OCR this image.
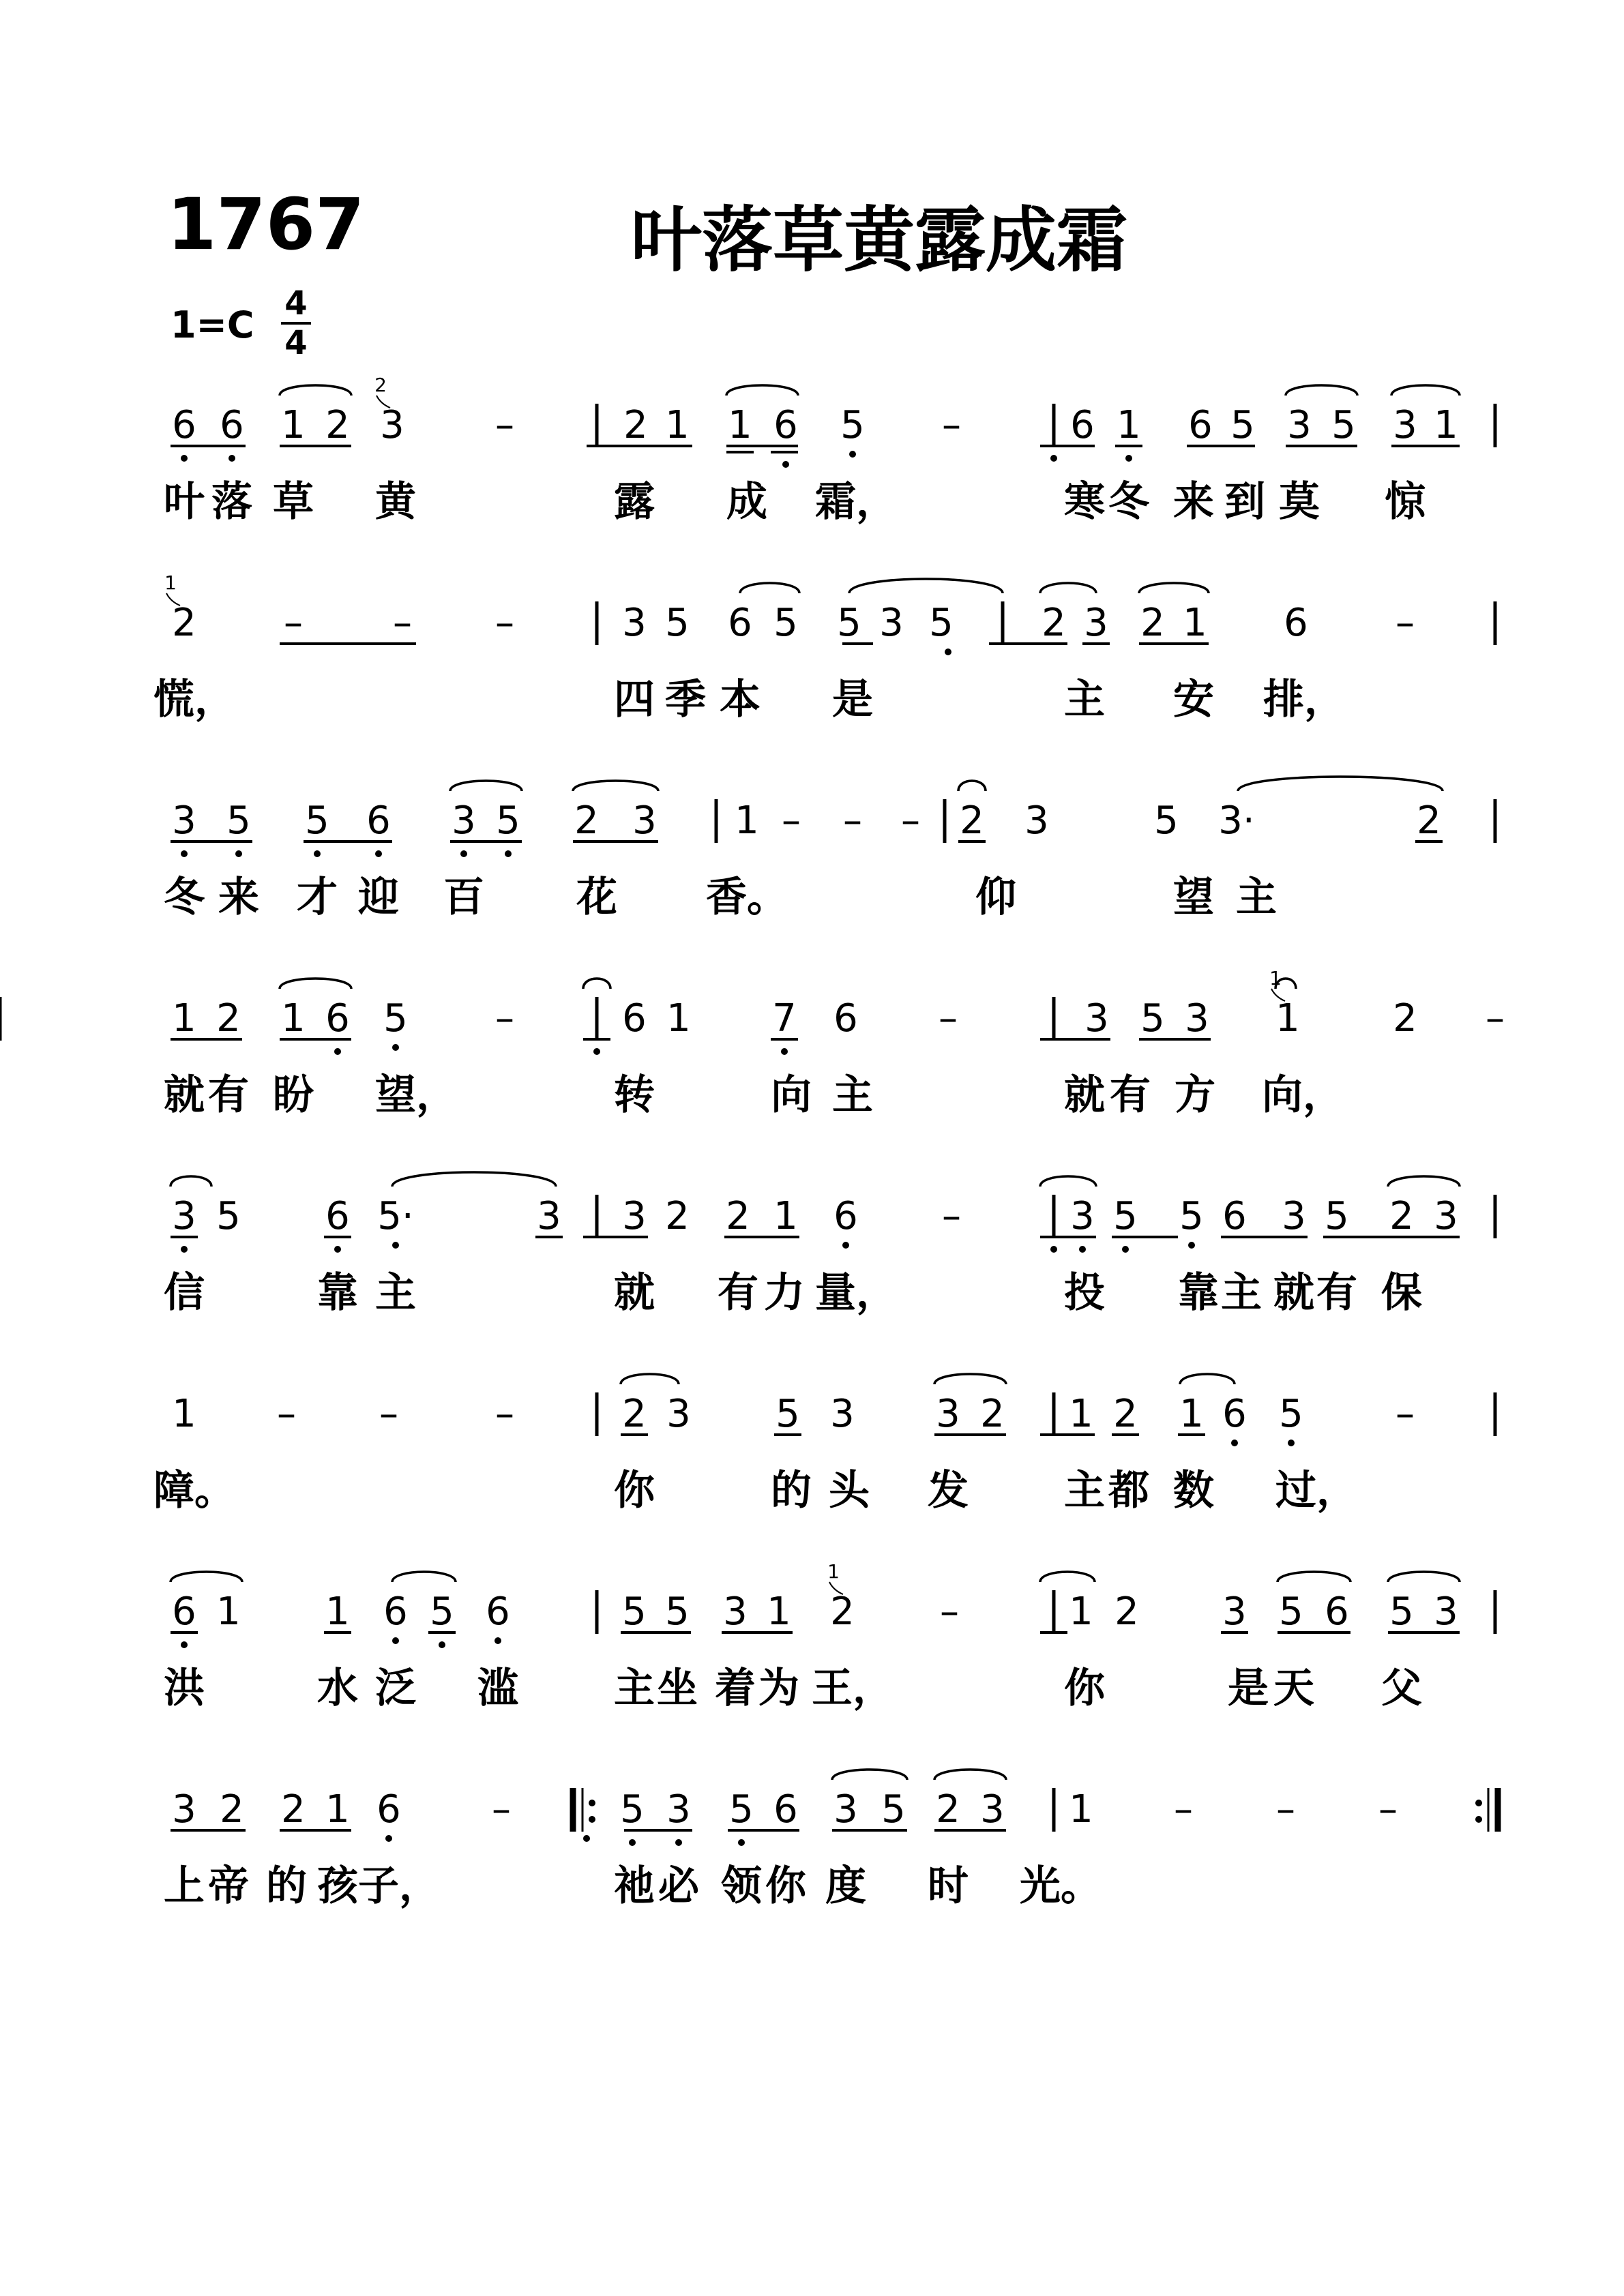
1767	叶落草黄露成霜
$1=C \frac{4}{4}$
6 6 1 2 3 –	2 1 1 6 5 –	6 1 6 5 3 5 3 1
叶 落 草 黄	露 成 霜，	寒 冬 来 到 莫 惊
2 – – –	3 5 6 5 5 3 5 2 3 2 1 6 –
慌，	四 季 本 是	主 安 排，
3 5 5 6 3 5 2 3 1 – – – 2 3	5 3·	2
冬 来 才 迎 百 花 香。	仰	望 主
1 2 1 6 5 –	6 1 7 6 –	3 5 3 1 2 –
就 有 盼 望，	转	向 主	就 有 方 向，
3 5 6 5·	3 3 2 2 1 6 –	3 5 5 6 3 5 2 3
信	靠 主	就 有 力 量，	投 靠 主 就 有 保
1 – –	–	2 3 5 3 3 2 1 2 1 6 5 –
障。	你	的 头 发 主 都 数 过，
6 1 1 6 5 6	5 5 3 1 2 –	1 2 3 5 6 5 3
洪	水 泛 滥 主 坐 着 为 王，	你	是 天 父
3 2 2 1 6 –	5 3 5 6 3 5 2 3 1 – – –
上 帝 的 孩 子，	祂 必 领 你 度 时 光。
2
1
1
1
